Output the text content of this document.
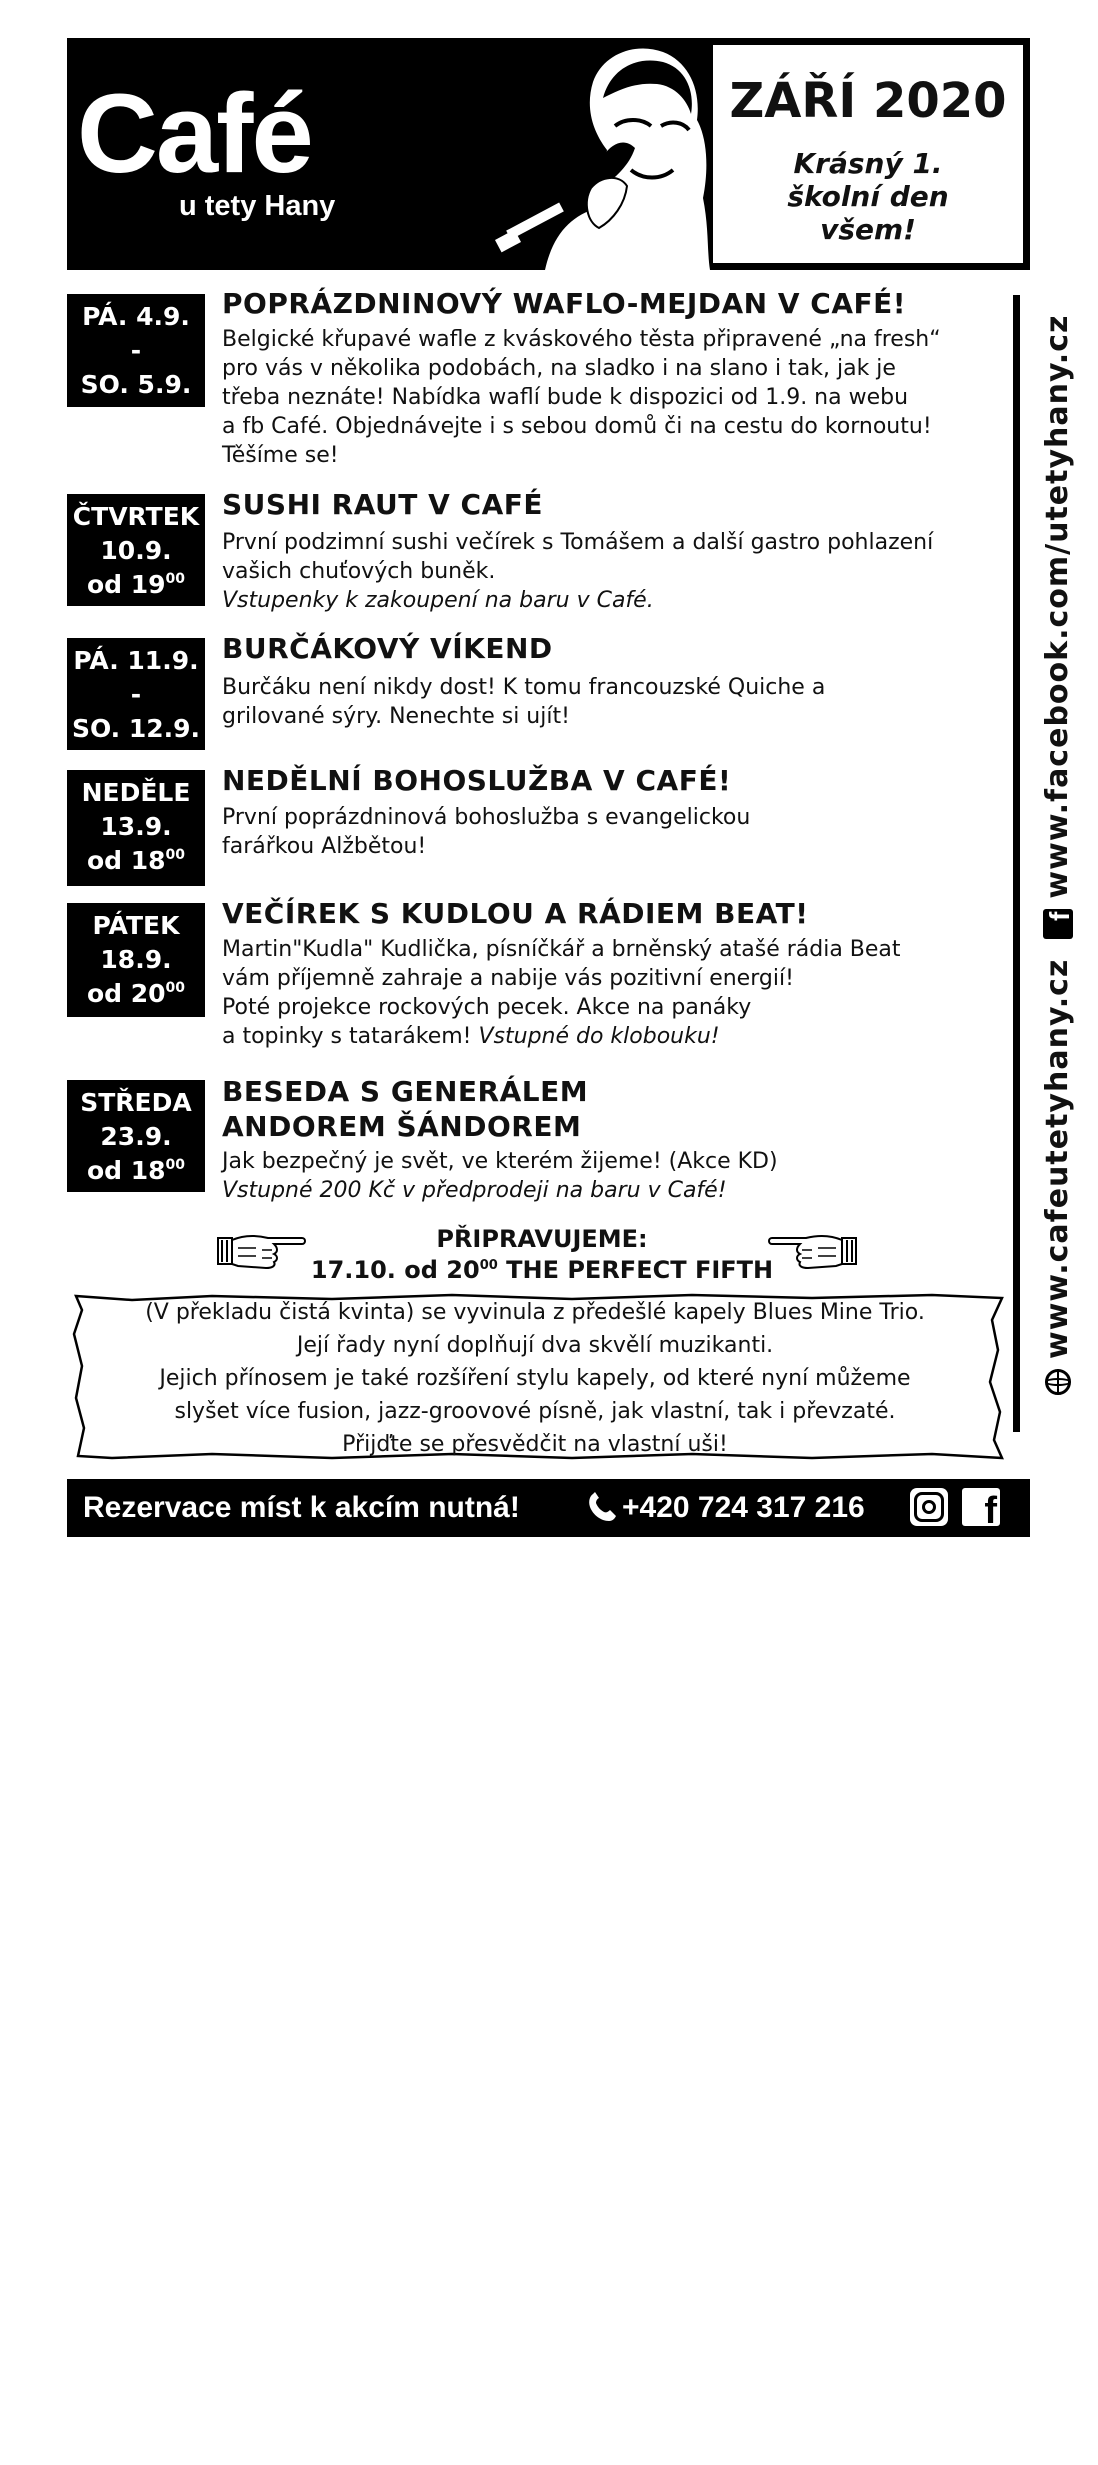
Café
u tety Hany
ZÁŘÍ 2020
Krásný 1. školní den všem!
PÁ. 4.9.
-
SO. 5.9.
POPRÁZDNINOVÝ WAFLO-MEJDAN V CAFÉ!

Belgické křupavé wafle z kváskového těsta připravené „na fresh“

pro vás v několika podobách, na sladko i na slano i tak, jak je

třeba neznáte! Nabídka waflí bude k dispozici od 1.9. na webu

a fb Café. Objednávejte i s sebou domů či na cestu do kornoutu!

Těšíme se!

ČTVRTEK
10.9.
od $19^{00}$
SUSHI RAUT V CAFÉ

První podzimní sushi večírek s Tomášem a další gastro pohlazení

vašich chuťových buněk.

Vstupenky k zakoupení na baru v Café.

PÁ. 11.9.
-
SO. 12.9.
BURČÁKOVÝ VÍKEND

Burčáku není nikdy dost! K tomu francouzské Quiche a

grilované sýry. Nenechte si ujít!

NEDĚLE
13.9.
od $18^{00}$
NEDĚLNÍ BOHOSLUŽBA V CAFÉ!

První poprázdninová bohoslužba s evangelickou

farářkou Alžbětou!

PÁTEK
18.9.
od $20^{00}$
VEČÍREK S KUDLOU A RÁDIEM BEAT!

Martin"Kudla" Kudlička, písníčkář a brněnský atašé rádia Beat

vám příjemně zahraje a nabije vás pozitivní energií!

Poté projekce rockových pecek. Akce na panáky

a topinky s tatarákem! Vstupné do klobouku!

STŘEDA
23.9.
od $18^{00}$
BESEDA S GENERÁLEM
ANDOREM ŠÁNDOREM

Jak bezpečný je svět, ve kterém žijeme! (Akce KD)

Vstupné 200 Kč v předprodeji na baru v Café!	www.cafeutetyhany.cz
f
www.facebook.com/utetyhany.cz
PŘIPRAVUJEME:
17.10. od $20^{00}$ THE PERFECT FIFTH

(V překladu čistá kvinta) se vyvinula z předešlé kapely Blues Mine Trio.

Její řady nyní doplňují dva skvělí muzikanti.

Jejich přínosem je také rozšíření stylu kapely, od které nyní můžeme

slyšet více fusion, jazz-groovové písně, jak vlastní, tak i převzaté.

Přijďte se přesvědčit na vlastní uši!

Rezervace míst k akcím nutná!	+420 724 317 216	f
